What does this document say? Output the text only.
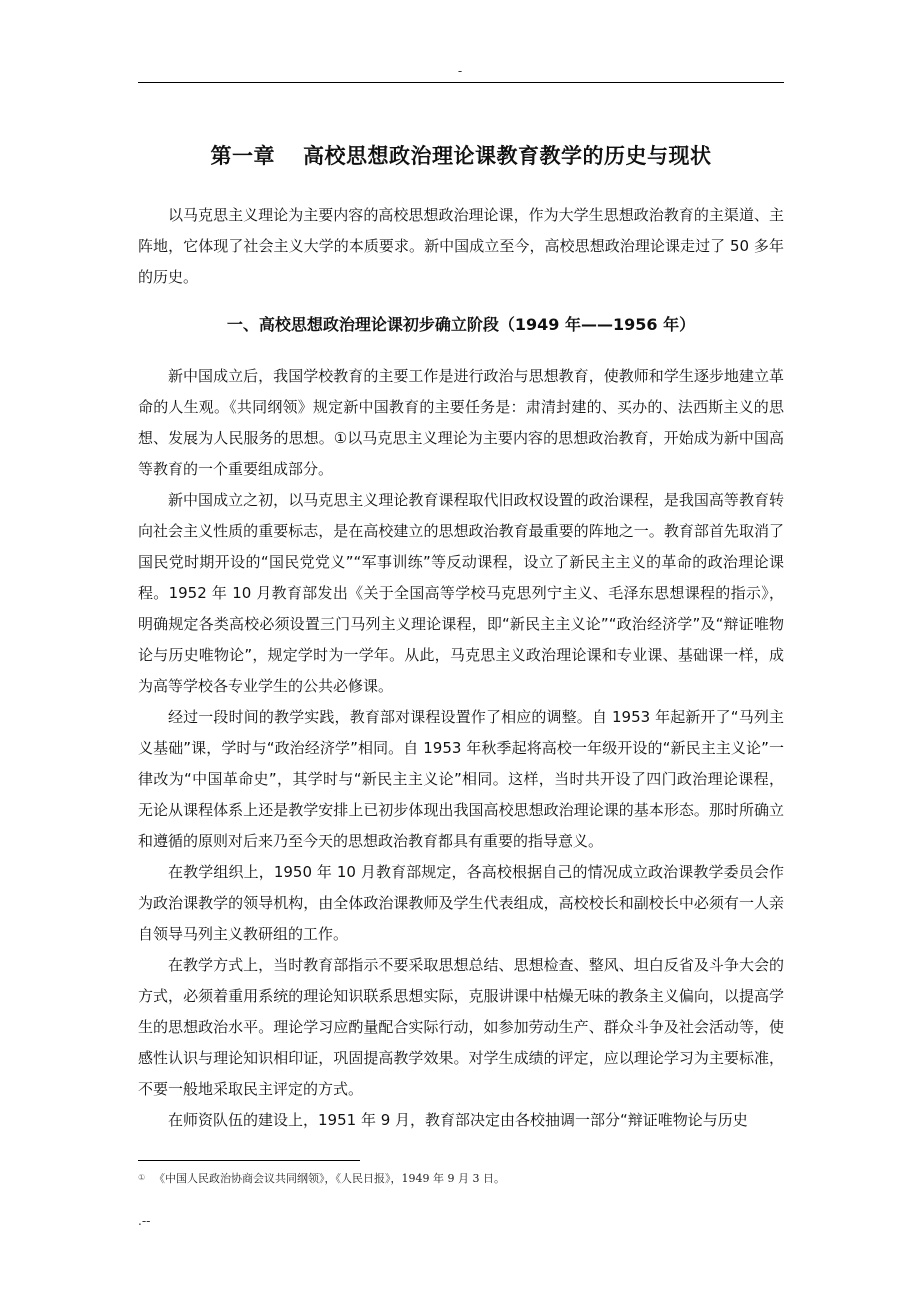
-
第一章 高校思想政治理论课教育教学的历史与现状

以马克思主义理论为主要内容的高校思想政治理论课，作为大学生思想政治教育的主渠道、主阵地，它体现了社会主义大学的本质要求。新中国成立至今，高校思想政治理论课走过了 50 多年的历史。

一、高校思想政治理论课初步确立阶段（1949 年——1956 年）

新中国成立后，我国学校教育的主要工作是进行政治与思想教育，使教师和学生逐步地建立革命的人生观。《共同纲领》规定新中国教育的主要任务是：肃清封建的、买办的、法西斯主义的思想、发展为人民服务的思想。①以马克思主义理论为主要内容的思想政治教育，开始成为新中国高等教育的一个重要组成部分。

新中国成立之初，以马克思主义理论教育课程取代旧政权设置的政治课程，是我国高等教育转向社会主义性质的重要标志，是在高校建立的思想政治教育最重要的阵地之一。教育部首先取消了国民党时期开设的“国民党党义”“军事训练”等反动课程，设立了新民主主义的革命的政治理论课程。1952 年 10 月教育部发出《关于全国高等学校马克思列宁主义、毛泽东思想课程的指示》，明确规定各类高校必须设置三门马列主义理论课程，即“新民主主义论”“政治经济学”及“辩证唯物论与历史唯物论”，规定学时为一学年。从此，马克思主义政治理论课和专业课、基础课一样，成为高等学校各专业学生的公共必修课。

经过一段时间的教学实践，教育部对课程设置作了相应的调整。自 1953 年起新开了“马列主义基础”课，学时与“政治经济学”相同。自 1953 年秋季起将高校一年级开设的“新民主主义论”一律改为“中国革命史”，其学时与“新民主主义论”相同。这样，当时共开设了四门政治理论课程，无论从课程体系上还是教学安排上已初步体现出我国高校思想政治理论课的基本形态。那时所确立和遵循的原则对后来乃至今天的思想政治教育都具有重要的指导意义。

在教学组织上，1950 年 10 月教育部规定，各高校根据自己的情况成立政治课教学委员会作为政治课教学的领导机构，由全体政治课教师及学生代表组成，高校校长和副校长中必须有一人亲自领导马列主义教研组的工作。

在教学方式上，当时教育部指示不要采取思想总结、思想检查、整风、坦白反省及斗争大会的方式，必须着重用系统的理论知识联系思想实际，克服讲课中枯燥无味的教条主义偏向，以提高学生的思想政治水平。理论学习应酌量配合实际行动，如参加劳动生产、群众斗争及社会活动等，使感性认识与理论知识相印证，巩固提高教学效果。对学生成绩的评定，应以理论学习为主要标准，不要一般地采取民主评定的方式。

在师资队伍的建设上，1951 年 9 月，教育部决定由各校抽调一部分“辩证唯物论与历史

① 《中国人民政治协商会议共同纲领》，《人民日报》，1949 年 9 月 3 日。
.--
